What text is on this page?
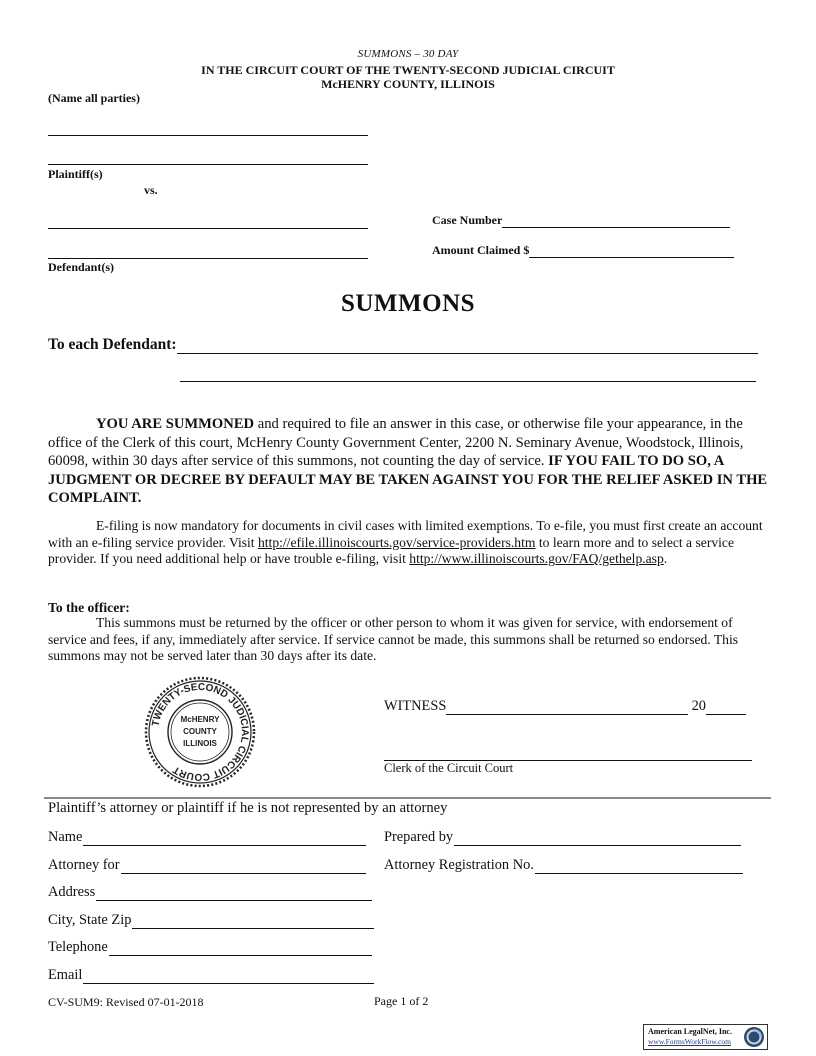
SUMMONS – 30 DAY
IN THE CIRCUIT COURT OF THE TWENTY-SECOND JUDICIAL CIRCUIT
McHENRY COUNTY, ILLINOIS
(Name all parties)
Plaintiff(s)
vs.
Defendant(s)
Case Number
Amount Claimed $
SUMMONS
To each Defendant:
YOU ARE SUMMONED and required to file an answer in this case, or otherwise file your appearance, in the office of the Clerk of this court, McHenry County Government Center, 2200 N. Seminary Avenue, Woodstock, Illinois, 60098, within 30 days after service of this summons, not counting the day of service. IF YOU FAIL TO DO SO, A JUDGMENT OR DECREE BY DEFAULT MAY BE TAKEN AGAINST YOU FOR THE RELIEF ASKED IN THE COMPLAINT.
E-filing is now mandatory for documents in civil cases with limited exemptions. To e-file, you must first create an account with an e-filing service provider. Visit http://efile.illinoiscourts.gov/service-providers.htm to learn more and to select a service provider. If you need additional help or have trouble e-filing, visit http://www.illinoiscourts.gov/FAQ/gethelp.asp.
To the officer:
This summons must be returned by the officer or other person to whom it was given for service, with endorsement of service and fees, if any, immediately after service. If service cannot be made, this summons shall be returned so endorsed. This summons may not be served later than 30 days after its date.
TWENTY-SECOND JUDICIAL CIRCUIT COURT
McHENRY
COUNTY
ILLINOIS
WITNESS	20
Clerk of the Circuit Court
Plaintiff’s attorney or plaintiff if he is not represented by an attorney
Name	Prepared by
Attorney for	Attorney Registration No.
Address
City, State Zip
Telephone
Email
CV-SUM9: Revised 07-01-2018	Page 1 of 2
American LegalNet, Inc.
www.FormsWorkFlow.com
